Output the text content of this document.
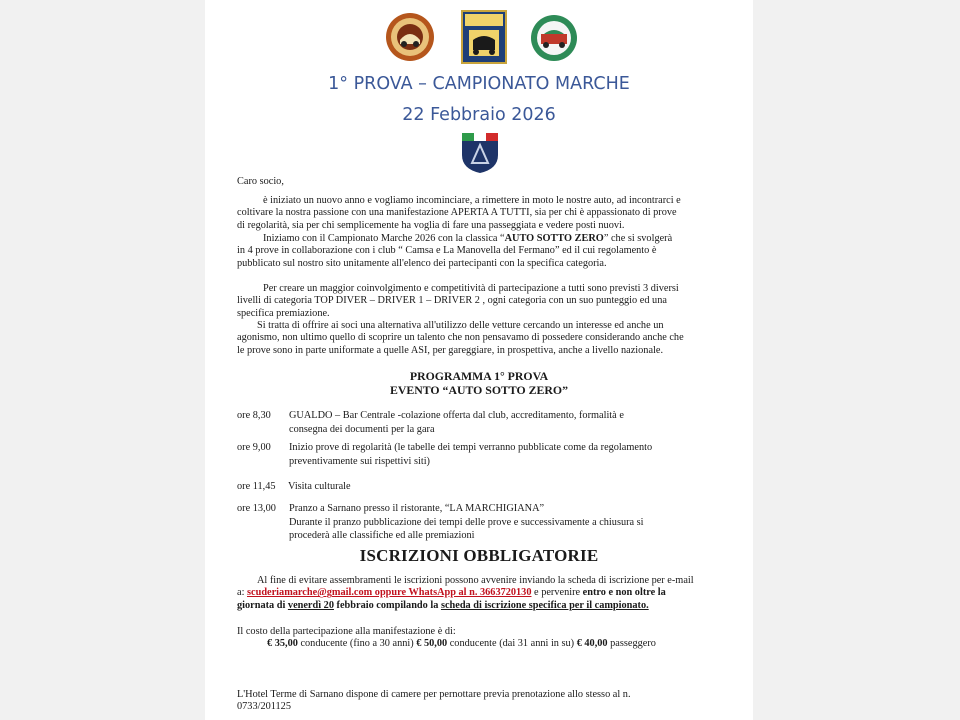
1° PROVA – CAMPIONATO MARCHE
22 Febbraio 2026
Caro socio,
è iniziato un nuovo anno e vogliamo incominciare, a rimettere in moto le nostre auto, ad incontrarci e
coltivare la nostra passione con una manifestazione APERTA A TUTTI, sia per chi è appassionato di prove
di regolarità, sia per chi semplicemente ha voglia di fare una passeggiata e vedere posti nuovi.
Iniziamo con il Campionato Marche 2026 con la classica “AUTO SOTTO ZERO” che si svolgerà
in 4 prove in collaborazione con i club “ Camsa e La Manovella del Fermano” ed il cui regolamento è
pubblicato sul nostro sito unitamente all'elenco dei partecipanti con la specifica categoria.
Per creare un maggior coinvolgimento e competitività di partecipazione a tutti sono previsti 3 diversi
livelli di categoria TOP DIVER – DRIVER 1 – DRIVER 2 , ogni categoria con un suo punteggio ed una
specifica premiazione.
Si tratta di offrire ai soci una alternativa all'utilizzo delle vetture cercando un interesse ed anche un
agonismo, non ultimo quello di scoprire un talento che non pensavamo di possedere considerando anche che
le prove sono in parte uniformate a quelle ASI, per gareggiare, in prospettiva, anche a livello nazionale.
PROGRAMMA 1° PROVA
EVENTO “AUTO SOTTO ZERO”
ore 8,30 GUALDO – Bar Centrale -colazione offerta dal club, accreditamento, formalità e
consegna dei documenti per la gara
ore 9,00 Inizio prove di regolarità (le tabelle dei tempi verranno pubblicate come da regolamento
preventivamente sui rispettivi siti)
ore 11,45 Visita culturale
ore 13,00 Pranzo a Sarnano presso il ristorante, “LA MARCHIGIANA”
Durante il pranzo pubblicazione dei tempi delle prove e successivamente a chiusura si
procederà alle classifiche ed alle premiazioni
ISCRIZIONI OBBLIGATORIE
Al fine di evitare assembramenti le iscrizioni possono avvenire inviando la scheda di iscrizione per e-mail
a: scuderiamarche@gmail.com oppure WhatsApp al n. 3663720130 e pervenire entro e non oltre la
giornata di venerdì 20 febbraio compilando la scheda di iscrizione specifica per il campionato.
Il costo della partecipazione alla manifestazione è di:
€ 35,00 conducente (fino a 30 anni) € 50,00 conducente (dai 31 anni in su) € 40,00 passeggero
L'Hotel Terme di Sarnano dispone di camere per pernottare previa prenotazione allo stesso al n.
0733/201125
